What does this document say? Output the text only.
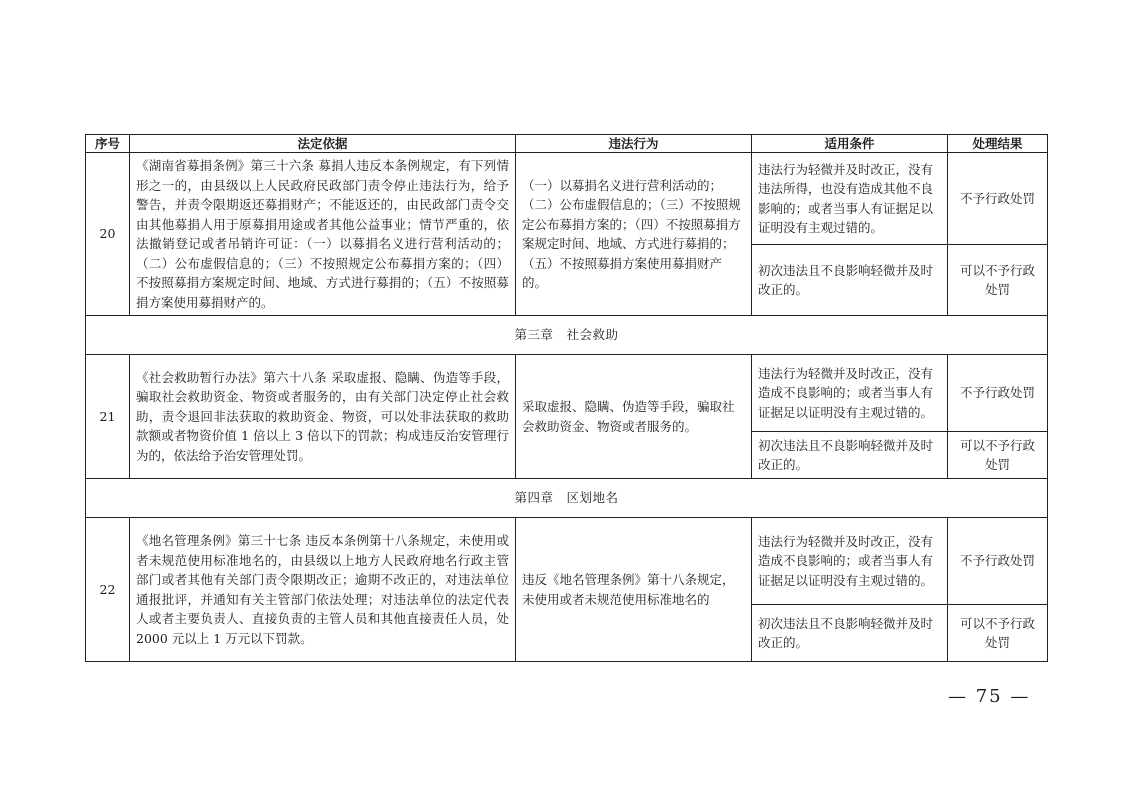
序号	法定依据	违法行为	适用条件	处理结果
20	《湖南省募捐条例》第三十六条 募捐人违反本条例规定，有下列情形之一的，由县级以上人民政府民政部门责令停止违法行为，给予警告，并责令限期返还募捐财产；不能返还的，由民政部门责令交由其他募捐人用于原募捐用途或者其他公益事业；情节严重的，依法撤销登记或者吊销许可证：（一）以募捐名义进行营利活动的；（二）公布虚假信息的；（三）不按照规定公布募捐方案的；（四）不按照募捐方案规定时间、地域、方式进行募捐的；（五）不按照募捐方案使用募捐财产的。	（一）以募捐名义进行营利活动的；（二）公布虚假信息的；（三）不按照规定公布募捐方案的；（四）不按照募捐方案规定时间、地域、方式进行募捐的；（五）不按照募捐方案使用募捐财产的。	违法行为轻微并及时改正，没有违法所得，也没有造成其他不良影响的；或者当事人有证据足以证明没有主观过错的。	不予行政处罚
			初次违法且不良影响轻微并及时改正的。	可以不予行政处罚
第三章　社会救助				
21	《社会救助暂行办法》第六十八条 采取虚报、隐瞒、伪造等手段，骗取社会救助资金、物资或者服务的，由有关部门决定停止社会救助，责令退回非法获取的救助资金、物资，可以处非法获取的救助款额或者物资价值 1 倍以上 3 倍以下的罚款；构成违反治安管理行为的，依法给予治安管理处罚。	采取虚报、隐瞒、伪造等手段，骗取社会救助资金、物资或者服务的。	违法行为轻微并及时改正，没有造成不良影响的；或者当事人有证据足以证明没有主观过错的。	不予行政处罚
			初次违法且不良影响轻微并及时改正的。	可以不予行政处罚
第四章　区划地名				
22	《地名管理条例》第三十七条 违反本条例第十八条规定，未使用或者未规范使用标准地名的，由县级以上地方人民政府地名行政主管部门或者其他有关部门责令限期改正；逾期不改正的，对违法单位通报批评，并通知有关主管部门依法处理；对违法单位的法定代表人或者主要负责人、直接负责的主管人员和其他直接责任人员，处 2000 元以上 1 万元以下罚款。	违反《地名管理条例》第十八条规定，未使用或者未规范使用标准地名的	违法行为轻微并及时改正，没有造成不良影响的；或者当事人有证据足以证明没有主观过错的。	不予行政处罚
			初次违法且不良影响轻微并及时改正的。	可以不予行政处罚
— 75 —
